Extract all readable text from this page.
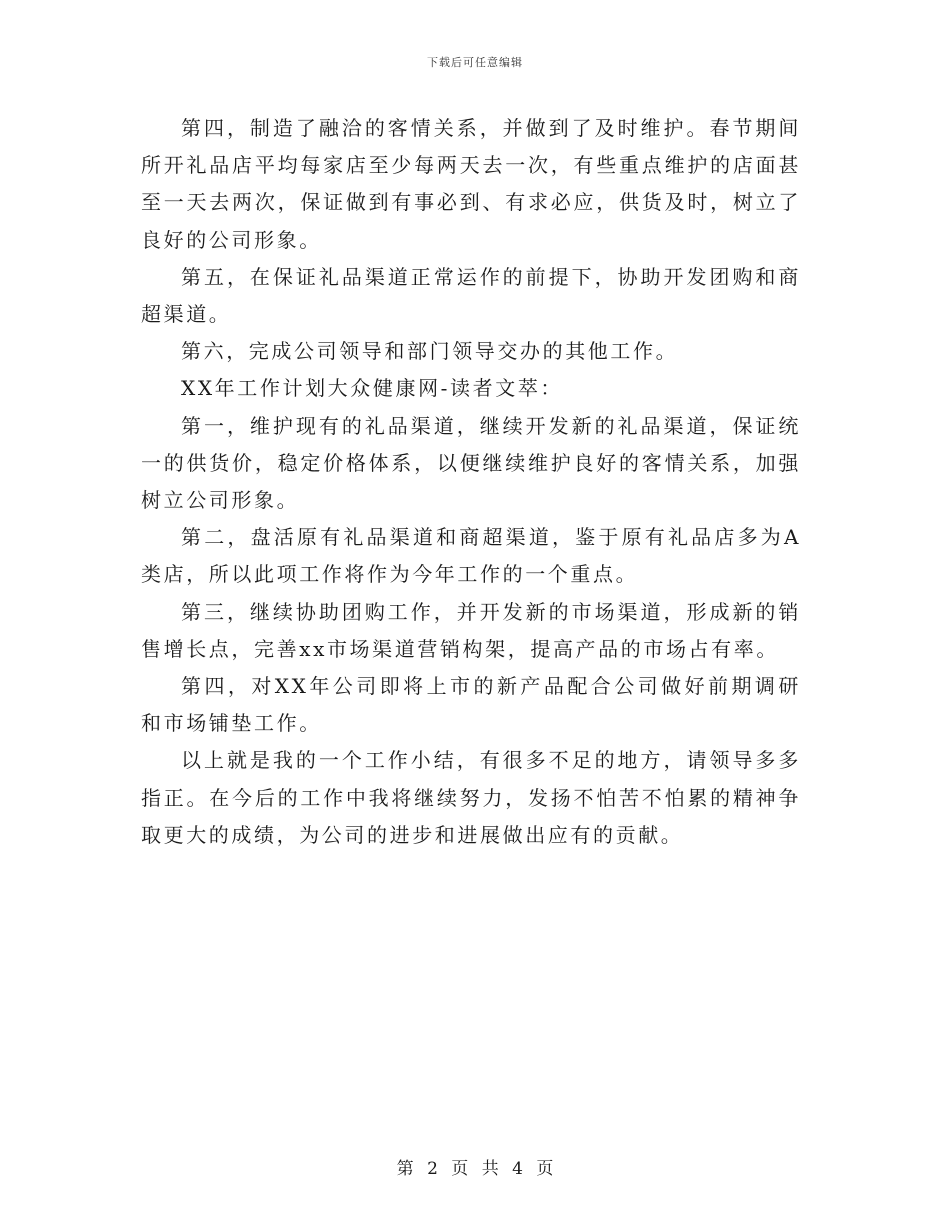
下载后可任意编辑

第四，制造了融洽的客情关系，并做到了及时维护。春节期间所开礼品店平均每家店至少每两天去一次，有些重点维护的店面甚至一天去两次，保证做到有事必到、有求必应，供货及时，树立了良好的公司形象。

第五，在保证礼品渠道正常运作的前提下，协助开发团购和商超渠道。

第六，完成公司领导和部门领导交办的其他工作。

XX年工作计划大众健康网-读者文萃：

第一，维护现有的礼品渠道，继续开发新的礼品渠道，保证统一的供货价，稳定价格体系，以便继续维护良好的客情关系，加强树立公司形象。

第二，盘活原有礼品渠道和商超渠道，鉴于原有礼品店多为A类店，所以此项工作将作为今年工作的一个重点。

第三，继续协助团购工作，并开发新的市场渠道，形成新的销售增长点，完善xx市场渠道营销构架，提高产品的市场占有率。

第四，对XX年公司即将上市的新产品配合公司做好前期调研和市场铺垫工作。

以上就是我的一个工作小结，有很多不足的地方，请领导多多指正。在今后的工作中我将继续努力，发扬不怕苦不怕累的精神争取更大的成绩，为公司的进步和进展做出应有的贡献。

第 2 页 共 4 页
